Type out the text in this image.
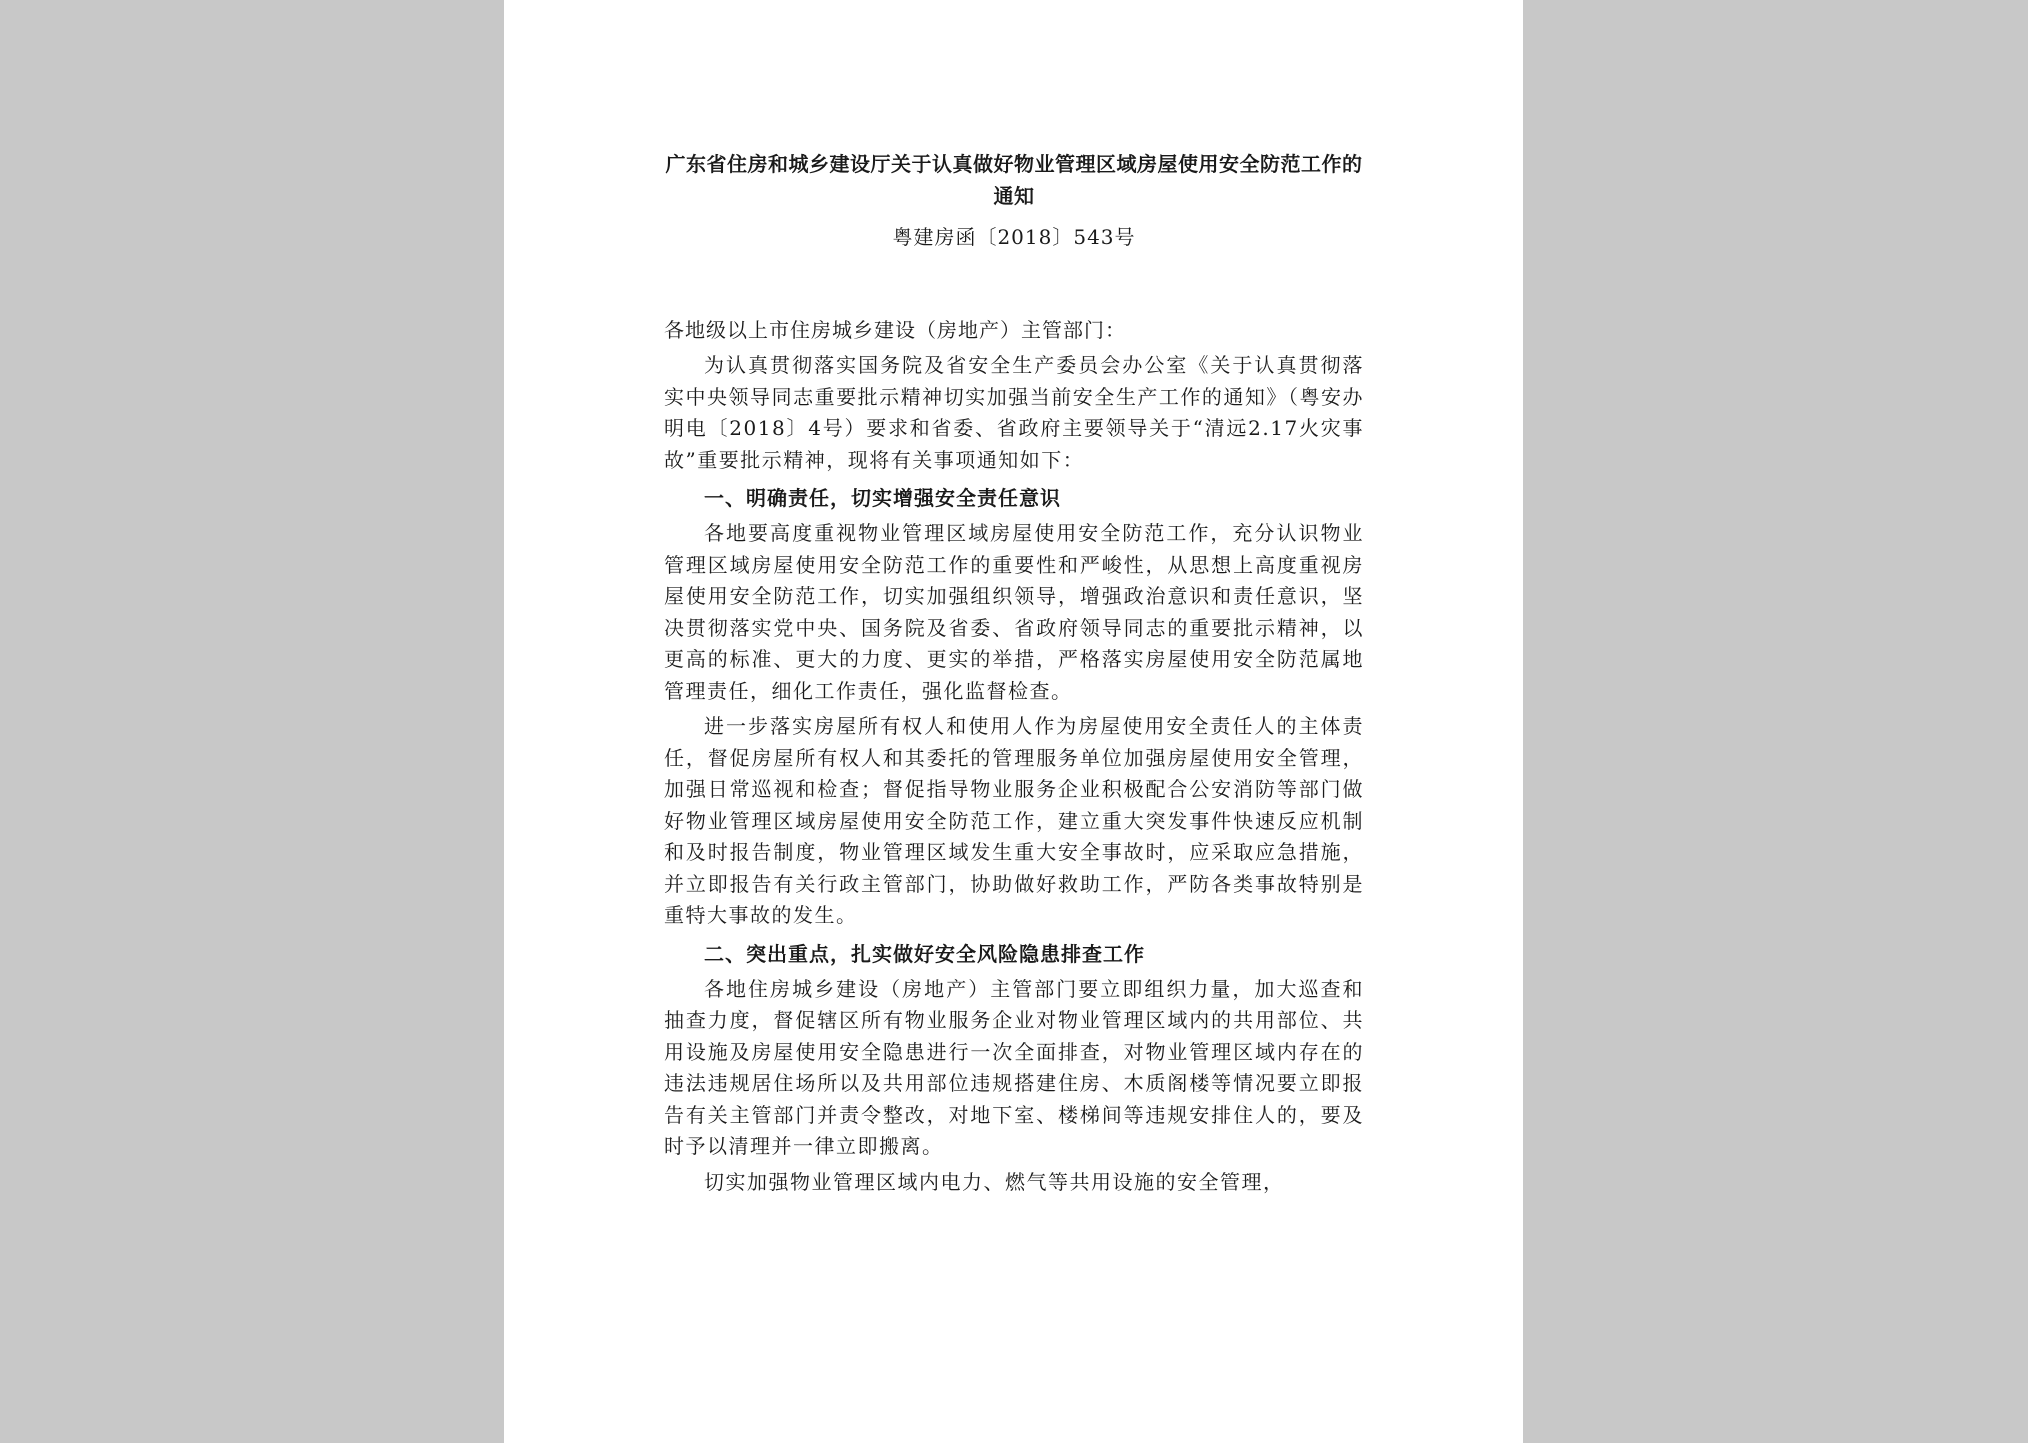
广东省住房和城乡建设厅关于认真做好物业管理区域房屋使用安全防范工作的通知

粤建房函〔2018〕543号

各地级以上市住房城乡建设（房地产）主管部门：

为认真贯彻落实国务院及省安全生产委员会办公室《关于认真贯彻落实中央领导同志重要批示精神切实加强当前安全生产工作的通知》（粤安办明电〔2018〕4号）要求和省委、省政府主要领导关于“清远2.17火灾事故”重要批示精神，现将有关事项通知如下：

一、明确责任，切实增强安全责任意识

各地要高度重视物业管理区域房屋使用安全防范工作，充分认识物业管理区域房屋使用安全防范工作的重要性和严峻性，从思想上高度重视房屋使用安全防范工作，切实加强组织领导，增强政治意识和责任意识，坚决贯彻落实党中央、国务院及省委、省政府领导同志的重要批示精神，以更高的标准、更大的力度、更实的举措，严格落实房屋使用安全防范属地管理责任，细化工作责任，强化监督检查。

进一步落实房屋所有权人和使用人作为房屋使用安全责任人的主体责任，督促房屋所有权人和其委托的管理服务单位加强房屋使用安全管理，加强日常巡视和检查；督促指导物业服务企业积极配合公安消防等部门做好物业管理区域房屋使用安全防范工作，建立重大突发事件快速反应机制和及时报告制度，物业管理区域发生重大安全事故时，应采取应急措施，并立即报告有关行政主管部门，协助做好救助工作，严防各类事故特别是重特大事故的发生。

二、突出重点，扎实做好安全风险隐患排查工作

各地住房城乡建设（房地产）主管部门要立即组织力量，加大巡查和抽查力度，督促辖区所有物业服务企业对物业管理区域内的共用部位、共用设施及房屋使用安全隐患进行一次全面排查，对物业管理区域内存在的违法违规居住场所以及共用部位违规搭建住房、木质阁楼等情况要立即报告有关主管部门并责令整改，对地下室、楼梯间等违规安排住人的，要及时予以清理并一律立即搬离。

切实加强物业管理区域内电力、燃气等共用设施的安全管理，
